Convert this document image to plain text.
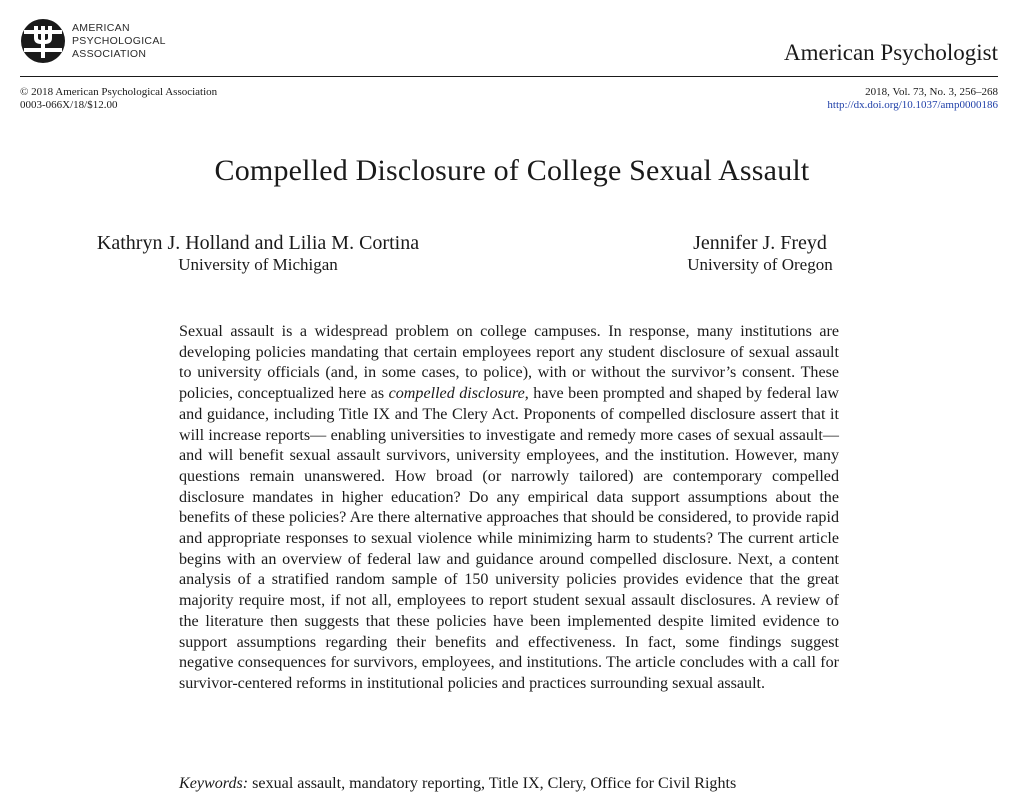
AMERICAN
PSYCHOLOGICAL
ASSOCIATION	American Psychologist
© 2018 American Psychological Association
0003-066X/18/$12.00
2018, Vol. 73, No. 3, 256–268
http://dx.doi.org/10.1037/amp0000186
Compelled Disclosure of College Sexual Assault
Kathryn J. Holland and Lilia M. Cortina
University of Michigan
Jennifer J. Freyd
University of Oregon
Sexual assault is a widespread problem on college campuses. In response, many institutions are developing policies mandating that certain employees report any student disclosure of sexual assault to university officials (and, in some cases, to police), with or without the survivor’s consent. These policies, conceptualized here as compelled disclosure, have been prompted and shaped by federal law and guidance, including Title IX and The Clery Act. Proponents of compelled disclosure assert that it will increase reports— enabling universities to investigate and remedy more cases of sexual assault—and will benefit sexual assault survivors, university employees, and the institution. However, many questions remain unanswered. How broad (or narrowly tailored) are contemporary compelled disclosure mandates in higher education? Do any empirical data support assumptions about the benefits of these policies? Are there alternative approaches that should be considered, to provide rapid and appropriate responses to sexual violence while minimizing harm to students? The current article begins with an overview of federal law and guidance around compelled disclosure. Next, a content analysis of a stratified random sample of 150 university policies provides evidence that the great majority require most, if not all, employees to report student sexual assault disclosures. A review of the literature then suggests that these policies have been implemented despite limited evidence to support assumptions regarding their benefits and effectiveness. In fact, some findings suggest negative consequences for survivors, employees, and institutions. The article concludes with a call for survivor-centered reforms in institutional policies and practices surrounding sexual assault.
Keywords: sexual assault, mandatory reporting, Title IX, Clery, Office for Civil Rights
